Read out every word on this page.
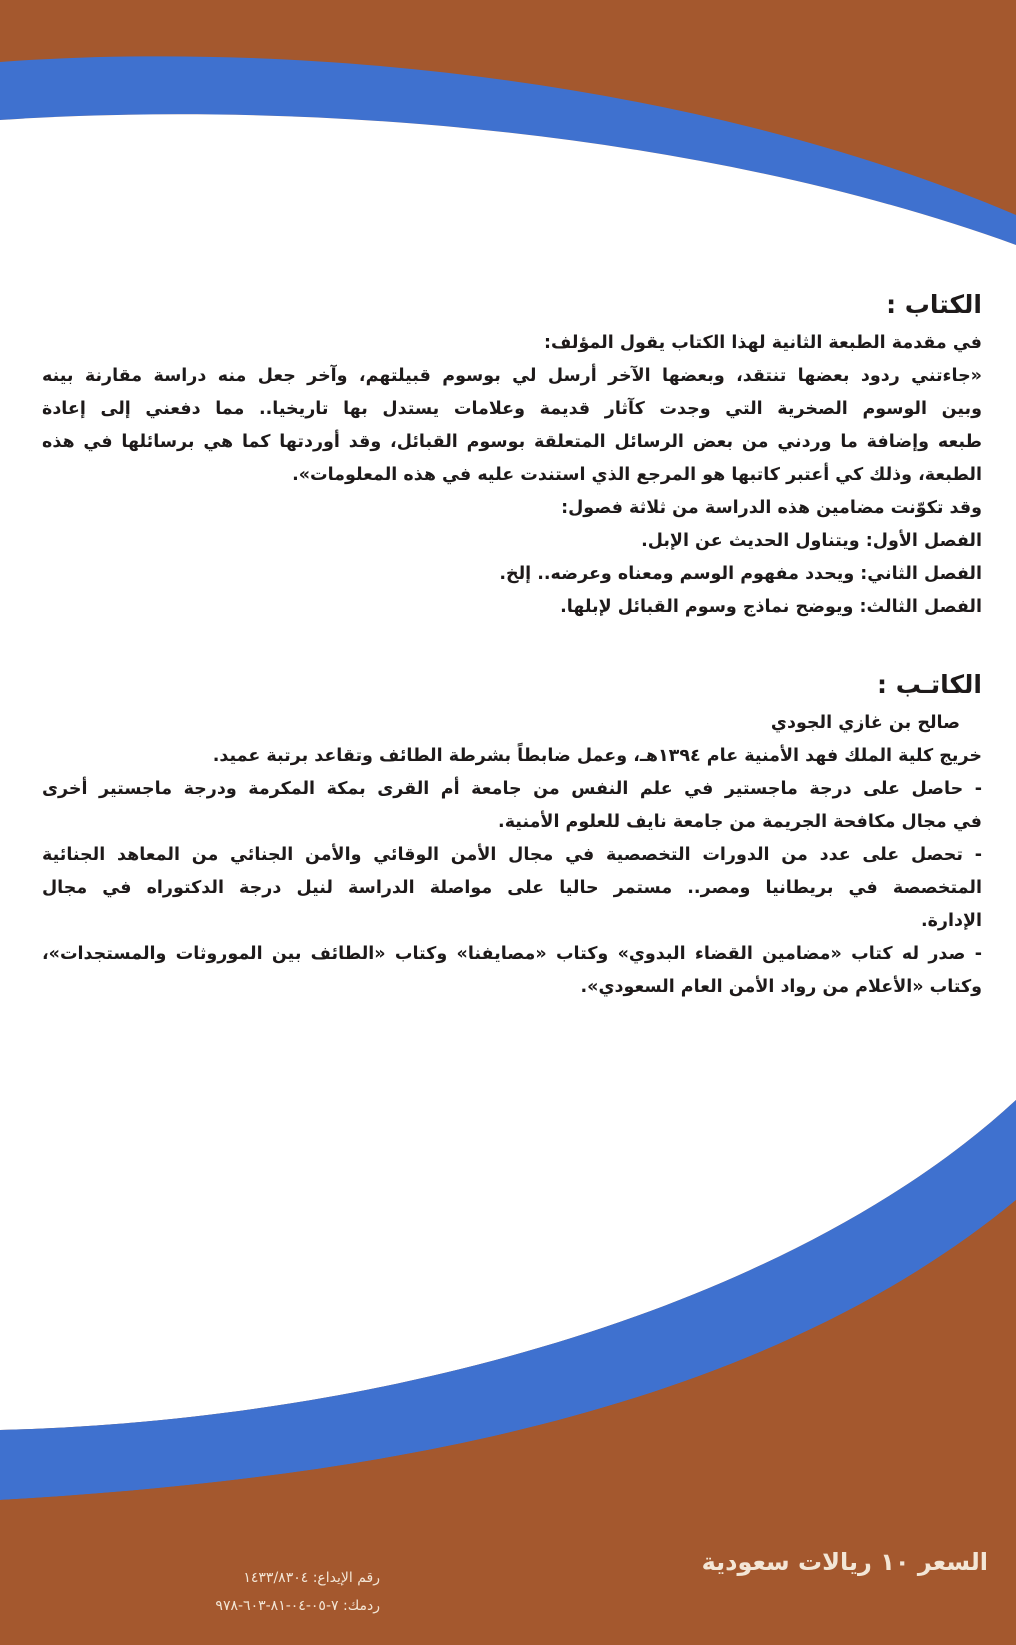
الكتاب :
في مقدمة الطبعة الثانية لهذا الكتاب يقول المؤلف:
«جاءتني ردود بعضها تنتقد، وبعضها الآخر أرسل لي بوسوم قبيلتهم، وآخر جعل منه دراسة مقارنة بينه
وبين الوسوم الصخرية التي وجدت كآثار قديمة وعلامات يستدل بها تاريخيا.. مما دفعني إلى إعادة
طبعه وإضافة ما وردني من بعض الرسائل المتعلقة بوسوم القبائل، وقد أوردتها كما هي برسائلها في هذه
الطبعة، وذلك كي أعتبر كاتبها هو المرجع الذي استندت عليه في هذه المعلومات».
وقد تكوّنت مضامين هذه الدراسة من ثلاثة فصول:
الفصل الأول: ويتناول الحديث عن الإبل.
الفصل الثاني: ويحدد مفهوم الوسم ومعناه وعرضه.. إلخ.
الفصل الثالث: ويوضح نماذج وسوم القبائل لإبلها.
الكاتـب :
صالح بن غازي الجودي
خريج كلية الملك فهد الأمنية عام ١٣٩٤هـ، وعمل ضابطاً بشرطة الطائف وتقاعد برتبة عميد.
- حاصل على درجة ماجستير في علم النفس من جامعة أم القرى بمكة المكرمة ودرجة ماجستير أخرى
في مجال مكافحة الجريمة من جامعة نايف للعلوم الأمنية.
- تحصل على عدد من الدورات التخصصية في مجال الأمن الوقائي والأمن الجنائي من المعاهد الجنائية
المتخصصة في بريطانيا ومصر.. مستمر حاليا على مواصلة الدراسة لنيل درجة الدكتوراه في مجال
الإدارة.
- صدر له كتاب «مضامين القضاء البدوي» وكتاب «مصايفنا» وكتاب «الطائف بين الموروثات والمستجدات»،
وكتاب «الأعلام من رواد الأمن العام السعودي».
السعر ١٠ ريالات سعودية
رقم الإيداع: ١٤٣٣/٨٣٠٤
ردمك: ٧-٠٥-٠٤-٨١-٦٠٣-٩٧٨
